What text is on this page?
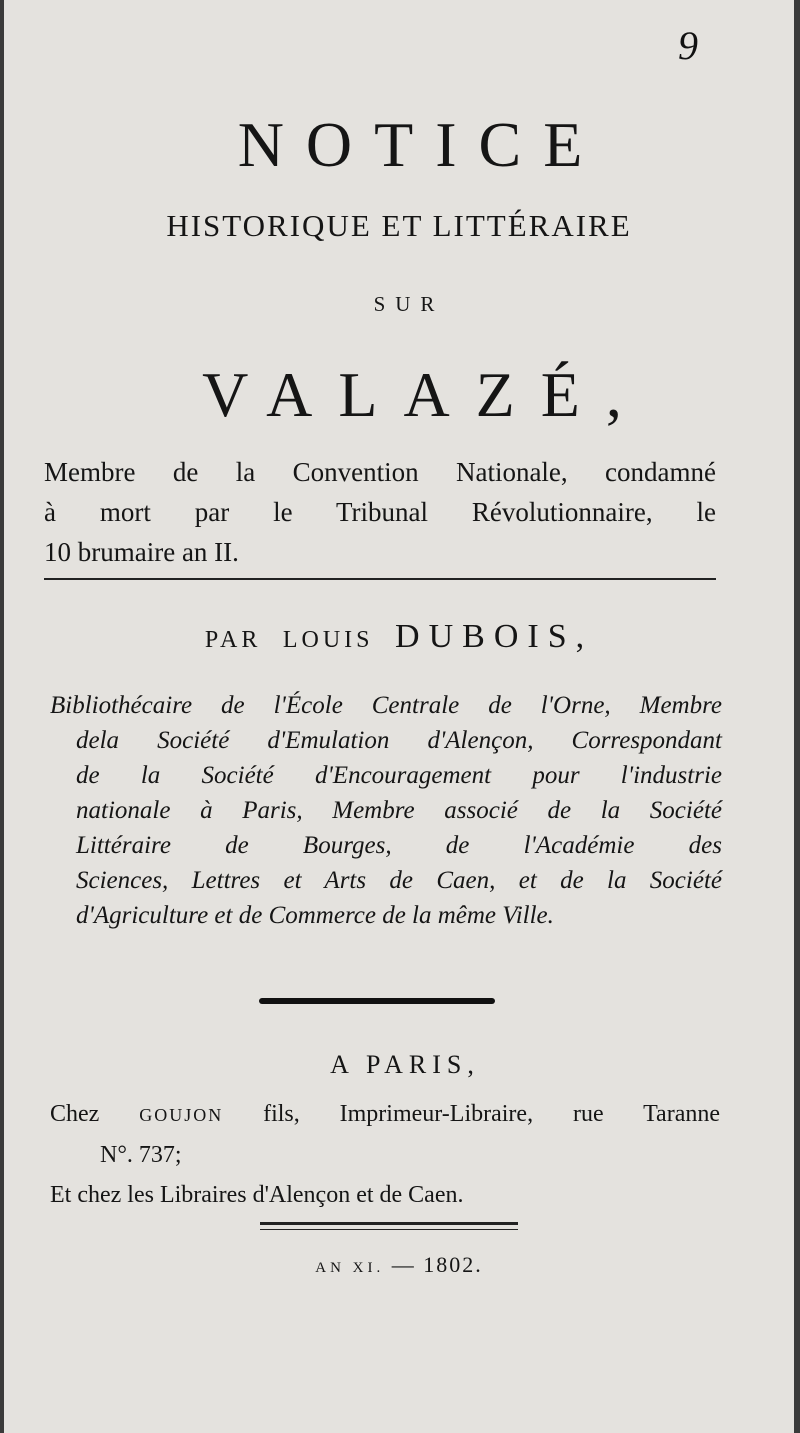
9
NOTICE
HISTORIQUE ET LITTÉRAIRE
SUR
VALAZÉ,
Membre de la Convention Nationale, condamné
à mort par le Tribunal Révolutionnaire, le
10 brumaire an II.
PAR LOUIS DUBOIS,
Bibliothécaire de l'École Centrale de l'Orne, Membre
dela Société d'Emulation d'Alençon, Correspondant
de la Société d'Encouragement pour l'industrie
nationale à Paris, Membre associé de la Société
Littéraire de Bourges, de l'Académie des
Sciences, Lettres et Arts de Caen, et de la Société
d'Agriculture et de Commerce de la même Ville.
A PARIS,
Chez GOUJON fils, Imprimeur-Libraire, rue Taranne
N°. 737;
Et chez les Libraires d'Alençon et de Caen.
AN XI. — 1802.
